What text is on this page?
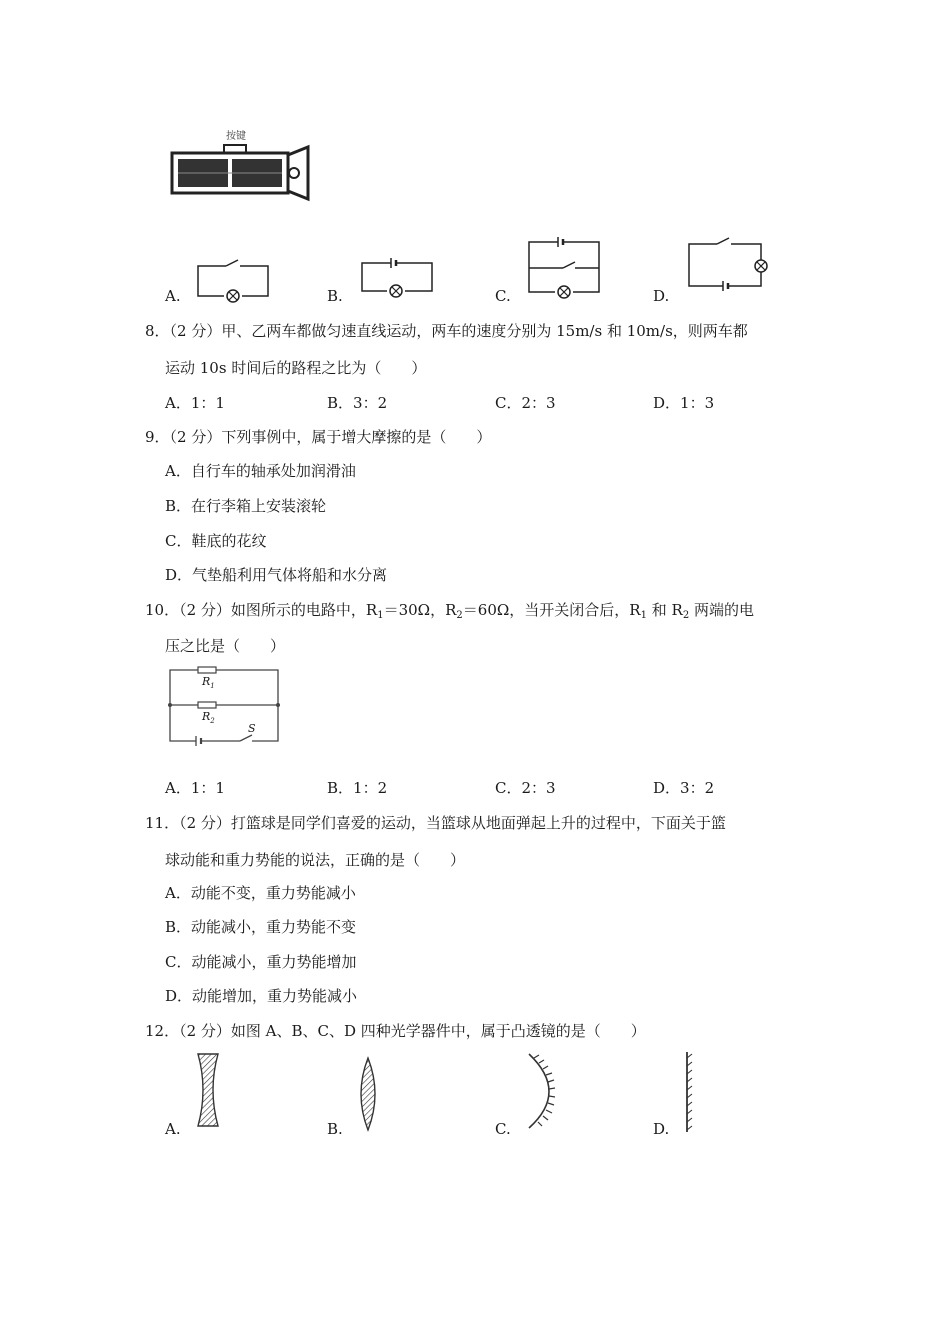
按键
A.	B.	C.	D.
8．（2 分）甲、乙两车都做匀速直线运动，两车的速度分别为 15m/s 和 10m/s，则两车都
运动 10s 时间后的路程之比为（　　）
A．1：1	B．3：2	C．2：3	D．1：3
9．（2 分）下列事例中，属于增大摩擦的是（　　）
A．自行车的轴承处加润滑油
B．在行李箱上安装滚轮
C．鞋底的花纹
D．气垫船利用气体将船和水分离
10．（2 分）如图所示的电路中，$R_1=30\Omega$，$R_2=60\Omega$，当开关闭合后，$R_1$ 和 $R_2$ 两端的电
压之比是（　　）
$R_1$
$R_2$
S
A．1：1	B．1：2	C．2：3	D．3：2
11．（2 分）打篮球是同学们喜爱的运动，当篮球从地面弹起上升的过程中，下面关于篮
球动能和重力势能的说法，正确的是（　　）
A．动能不变，重力势能减小
B．动能减小，重力势能不变
C．动能减小，重力势能增加
D．动能增加，重力势能减小
12．（2 分）如图 A、B、C、D 四种光学器件中，属于凸透镜的是（　　）
A.	B.	C.	D.
